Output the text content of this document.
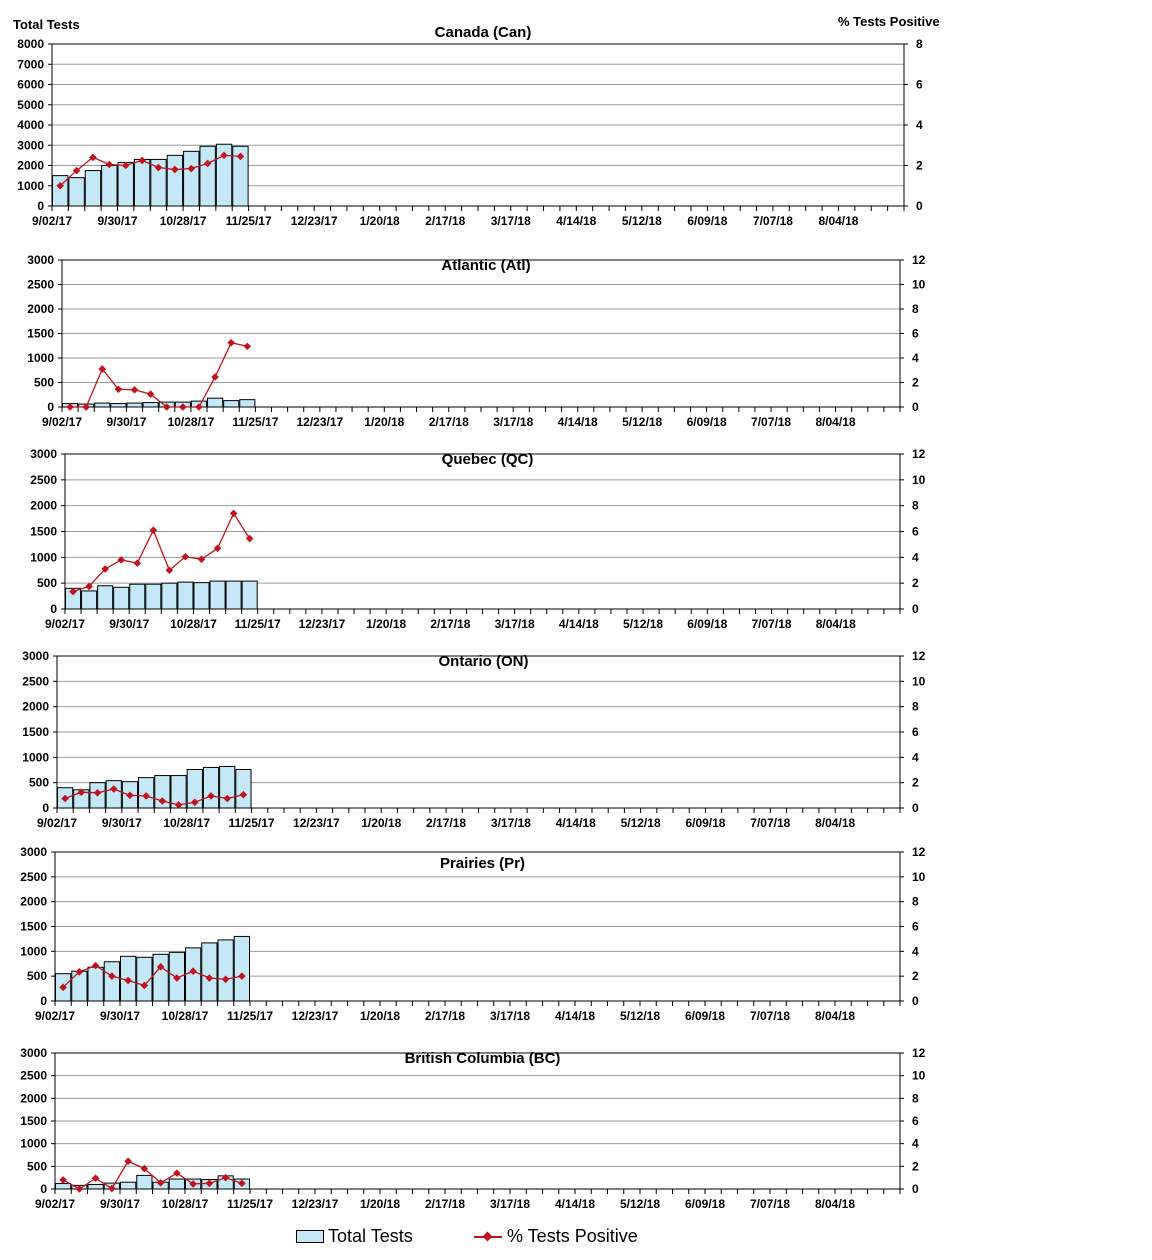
Total Tests	% Tests Positive
0
1000
2000
3000
4000
5000
6000
7000
8000
0
2
4
6
8
9/02/17 9/30/17 10/28/17 11/25/17 12/23/17 1/20/18 2/17/18 3/17/18 4/14/18 5/12/18 6/09/18 7/07/18 8/04/18
Canada (Can)
0
500
1000
1500
2000
2500
3000
0
2
4
6
8
10
12
9/02/17 9/30/17 10/28/17 11/25/17 12/23/17 1/20/18 2/17/18 3/17/18 4/14/18 5/12/18 6/09/18 7/07/18 8/04/18
Atlantic (Atl)
0
500
1000
1500
2000
2500
3000
0
2
4
6
8
10
12
9/02/17 9/30/17 10/28/17 11/25/17 12/23/17 1/20/18 2/17/18 3/17/18 4/14/18 5/12/18 6/09/18 7/07/18 8/04/18
Quebec (QC)
0
500
1000
1500
2000
2500
3000
0
2
4
6
8
10
12
9/02/17 9/30/17 10/28/17 11/25/17 12/23/17 1/20/18 2/17/18 3/17/18 4/14/18 5/12/18 6/09/18 7/07/18 8/04/18
Ontario (ON)
0
500
1000
1500
2000
2500
3000
0
2
4
6
8
10
12
9/02/17 9/30/17 10/28/17 11/25/17 12/23/17 1/20/18 2/17/18 3/17/18 4/14/18 5/12/18 6/09/18 7/07/18 8/04/18
Prairies (Pr)
0
500
1000
1500
2000
2500
3000
0
2
4
6
8
10
12
9/02/17 9/30/17 10/28/17 11/25/17 12/23/17 1/20/18 2/17/18 3/17/18 4/14/18 5/12/18 6/09/18 7/07/18 8/04/18
British Columbia (BC)
Total Tests	% Tests Positive
